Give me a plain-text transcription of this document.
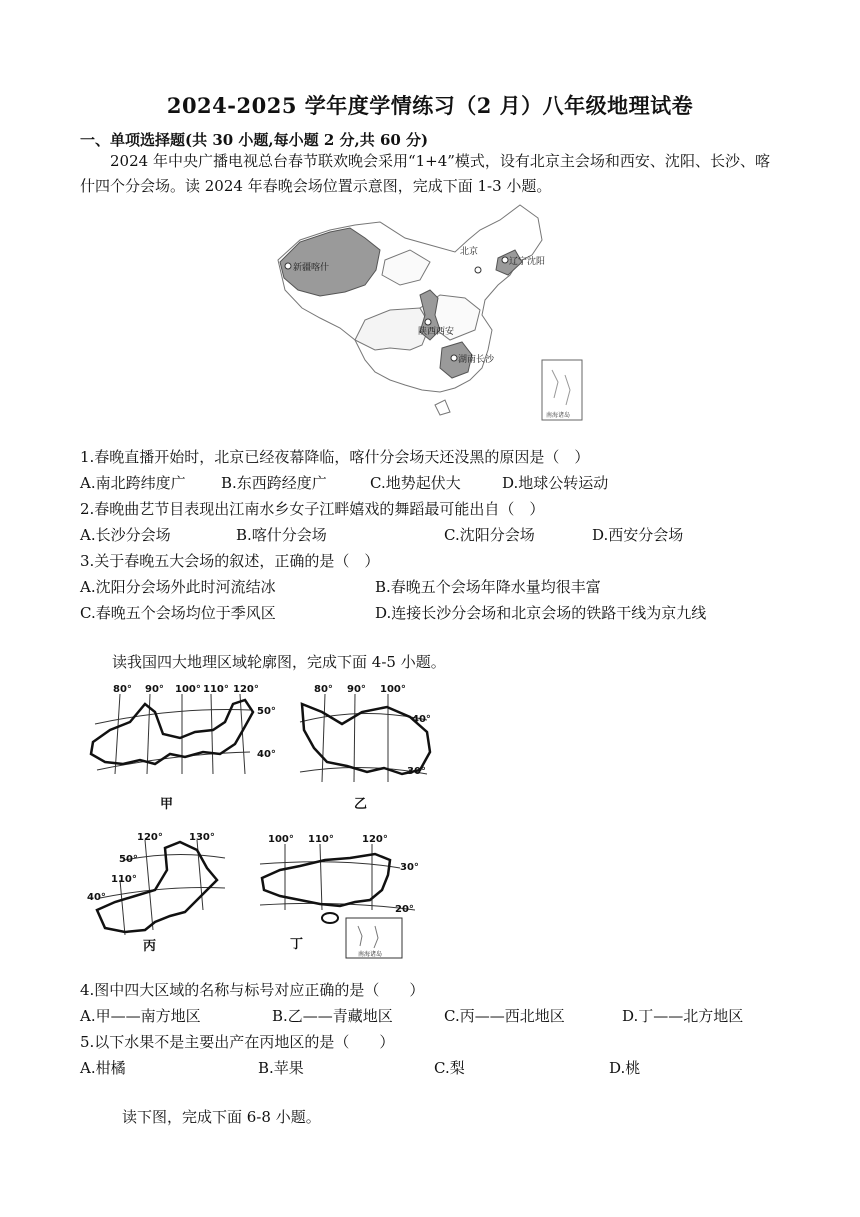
2024-2025 学年度学情练习（2 月）八年级地理试卷
一、单项选择题(共 30 小题,每小题 2 分,共 60 分)
2024 年中央广播电视总台春节联欢晚会采用“1+4”模式，设有北京主会场和西安、沈阳、长沙、喀什四个分会场。读 2024 年春晚会场位置示意图，完成下面 1-3 小题。
新疆喀什
北京
辽宁沈阳
陕西西安
湖南长沙
南海诸岛
1.春晚直播开始时，北京已经夜幕降临，喀什分会场天还没黑的原因是（　）
A.南北跨纬度广 B.东西跨经度广	C.地势起伏大	D.地球公转运动
2.春晚曲艺节目表现出江南水乡女子江畔嬉戏的舞蹈最可能出自（　）
A.长沙分会场	B.喀什分会场	C.沈阳分会场	D.西安分会场
3.关于春晚五大会场的叙述，正确的是（　）
A.沈阳分会场外此时河流结冰	B.春晚五个会场年降水量均很丰富
C.春晚五个会场均位于季风区	D.连接长沙分会场和北京会场的铁路干线为京九线
读我国四大地理区域轮廓图，完成下面 4-5 小题。
80° 90° 100° 110° 120°
50°
40°
甲
80° 90° 100°
40°
30°
乙
120°	130°
110°
50°
40°
丙
100° 110°	120°
30°
20°
南海诸岛
丁
4.图中四大区域的名称与标号对应正确的是（　　）
A.甲——南方地区	B.乙——青藏地区	C.丙——西北地区	D.丁——北方地区
5.以下水果不是主要出产在丙地区的是（　　）
A.柑橘	B.苹果	C.梨	D.桃
读下图，完成下面 6-8 小题。
